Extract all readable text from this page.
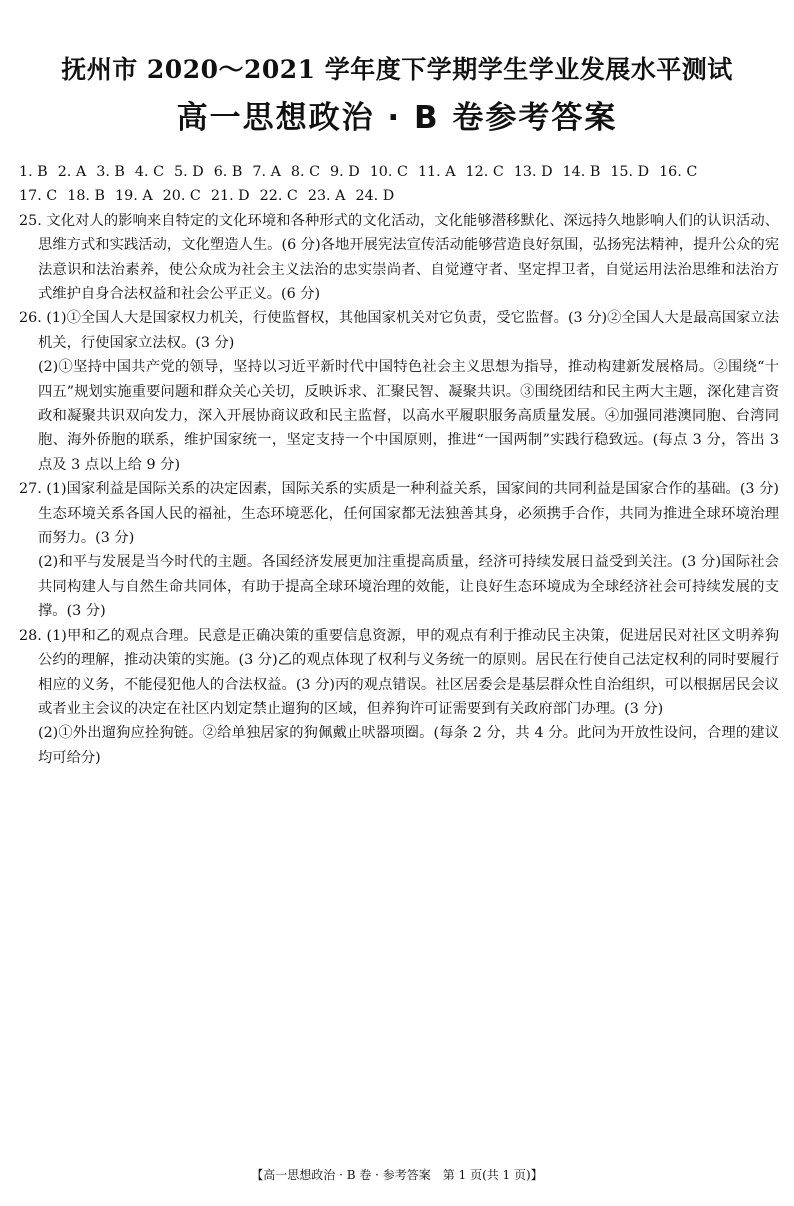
抚州市 2020～2021 学年度下学期学生学业发展水平测试
高一思想政治 · B 卷参考答案
1. B 2. A 3. B 4. C 5. D 6. B 7. A 8. C 9. D 10. C 11. A 12. C 13. D 14. B 15. D 16. C
17. C 18. B 19. A 20. C 21. D 22. C 23. A 24. D

25. 文化对人的影响来自特定的文化环境和各种形式的文化活动，文化能够潜移默化、深远持久地影响人们的认识活动、思维方式和实践活动，文化塑造人生。(6 分)各地开展宪法宣传活动能够营造良好氛围，弘扬宪法精神，提升公众的宪法意识和法治素养，使公众成为社会主义法治的忠实崇尚者、自觉遵守者、坚定捍卫者，自觉运用法治思维和法治方式维护自身合法权益和社会公平正义。(6 分)

26. (1)①全国人大是国家权力机关，行使监督权，其他国家机关对它负责，受它监督。(3 分)②全国人大是最高国家立法机关，行使国家立法权。(3 分)

(2)①坚持中国共产党的领导，坚持以习近平新时代中国特色社会主义思想为指导，推动构建新发展格局。②围绕“十四五”规划实施重要问题和群众关心关切，反映诉求、汇聚民智、凝聚共识。③围绕团结和民主两大主题，深化建言资政和凝聚共识双向发力，深入开展协商议政和民主监督，以高水平履职服务高质量发展。④加强同港澳同胞、台湾同胞、海外侨胞的联系，维护国家统一，坚定支持一个中国原则，推进“一国两制”实践行稳致远。(每点 3 分，答出 3 点及 3 点以上给 9 分)

27. (1)国家利益是国际关系的决定因素，国际关系的实质是一种利益关系，国家间的共同利益是国家合作的基础。(3 分)生态环境关系各国人民的福祉，生态环境恶化，任何国家都无法独善其身，必须携手合作，共同为推进全球环境治理而努力。(3 分)

(2)和平与发展是当今时代的主题。各国经济发展更加注重提高质量，经济可持续发展日益受到关注。(3 分)国际社会共同构建人与自然生命共同体，有助于提高全球环境治理的效能，让良好生态环境成为全球经济社会可持续发展的支撑。(3 分)

28. (1)甲和乙的观点合理。民意是正确决策的重要信息资源，甲的观点有利于推动民主决策，促进居民对社区文明养狗公约的理解，推动决策的实施。(3 分)乙的观点体现了权利与义务统一的原则。居民在行使自己法定权利的同时要履行相应的义务，不能侵犯他人的合法权益。(3 分)丙的观点错误。社区居委会是基层群众性自治组织，可以根据居民会议或者业主会议的决定在社区内划定禁止遛狗的区域，但养狗许可证需要到有关政府部门办理。(3 分)

(2)①外出遛狗应拴狗链。②给单独居家的狗佩戴止吠器项圈。(每条 2 分，共 4 分。此问为开放性设问，合理的建议均可给分)

【高一思想政治 · B 卷 · 参考答案　第 1 页(共 1 页)】
